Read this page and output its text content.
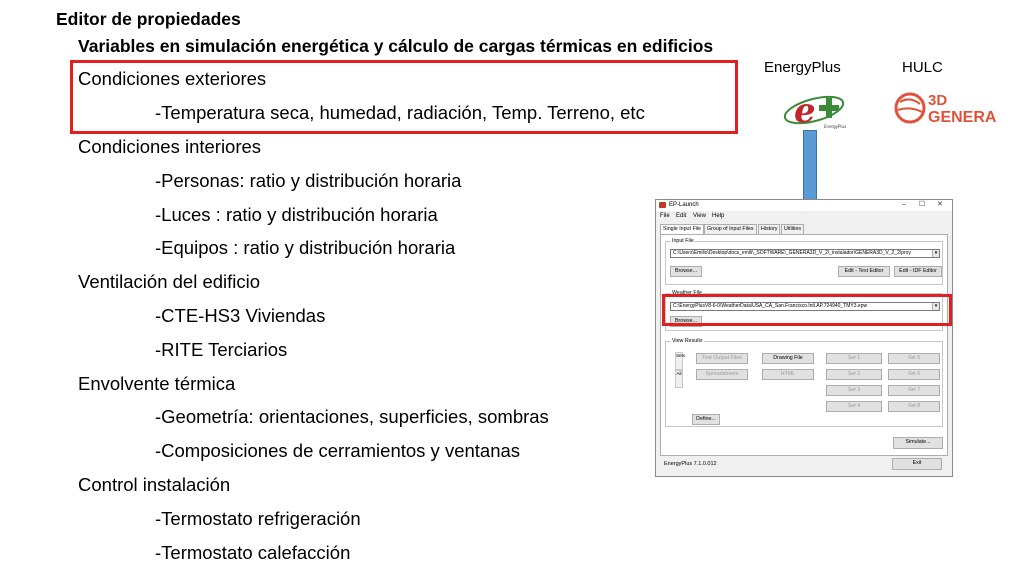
Editor de propiedades
Variables en simulación energética y cálculo de cargas térmicas en edificios
Condiciones exteriores
-Temperatura seca, humedad, radiación, Temp. Terreno, etc
Condiciones interiores
-Personas: ratio y distribución horaria
-Luces : ratio y distribución horaria
-Equipos : ratio y distribución horaria
Ventilación del edificio
-CTE-HS3 Viviendas
-RITE Terciarios
Envolvente térmica
-Geometría: orientaciones, superficies, sombras
-Composiciones de cerramientos y ventanas
Control instalación
-Termostato refrigeración
-Termostato calefacción
EnergyPlus	HULC
e EnergyPlus
3D
GENERA
EP-Launch	– ☐ ✕
File Edit View Help
Single Input File	Group of Input Files	History	Utilities
Input File
C:\Users\Emilio\Desktop\docs_emili\_SOFTWARE\_GENERA3D_V_2\_instalador\GENERA3D_V_2_2\proy	▾
Browse...	Edit - Text Editor	Edit - IDF Editor
Weather File
C:\EnergyPlusV8-6-0\WeatherData\USA_CA_San.Francisco.Intl.AP.724940_TMY3.epw	▾
Browse...
View Results
Sets
All
Text Output Files	Drawing File
Spreadsheets	HTML
Set 1
Set 2
Set 3
Set 4
Set 5
Set 6
Set 7
Set 8
Define...
Simulate...
EnergyPlus 7.1.0.012	Exit
